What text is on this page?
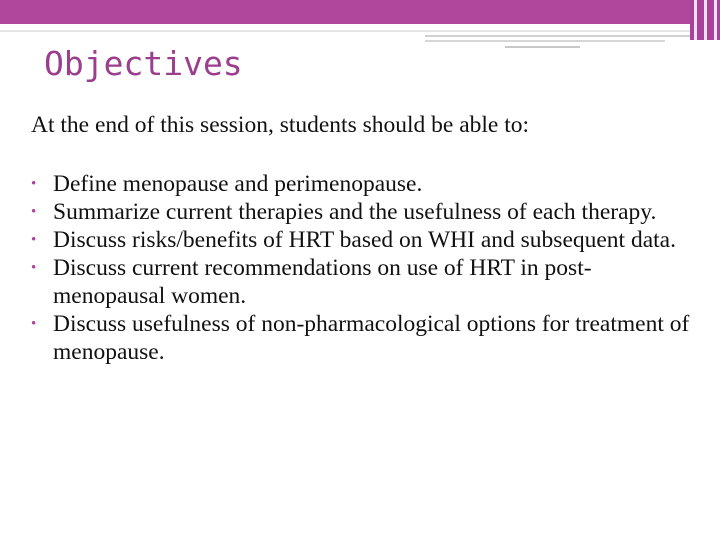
Objectives
At the end of this session, students should be able to:
• Define menopause and perimenopause.
• Summarize current therapies and the usefulness of each therapy.
• Discuss risks/benefits of HRT based on WHI and subsequent data.
• Discuss current recommendations on use of HRT in post-menopausal women.
• Discuss usefulness of non-pharmacological options for treatment of menopause.
